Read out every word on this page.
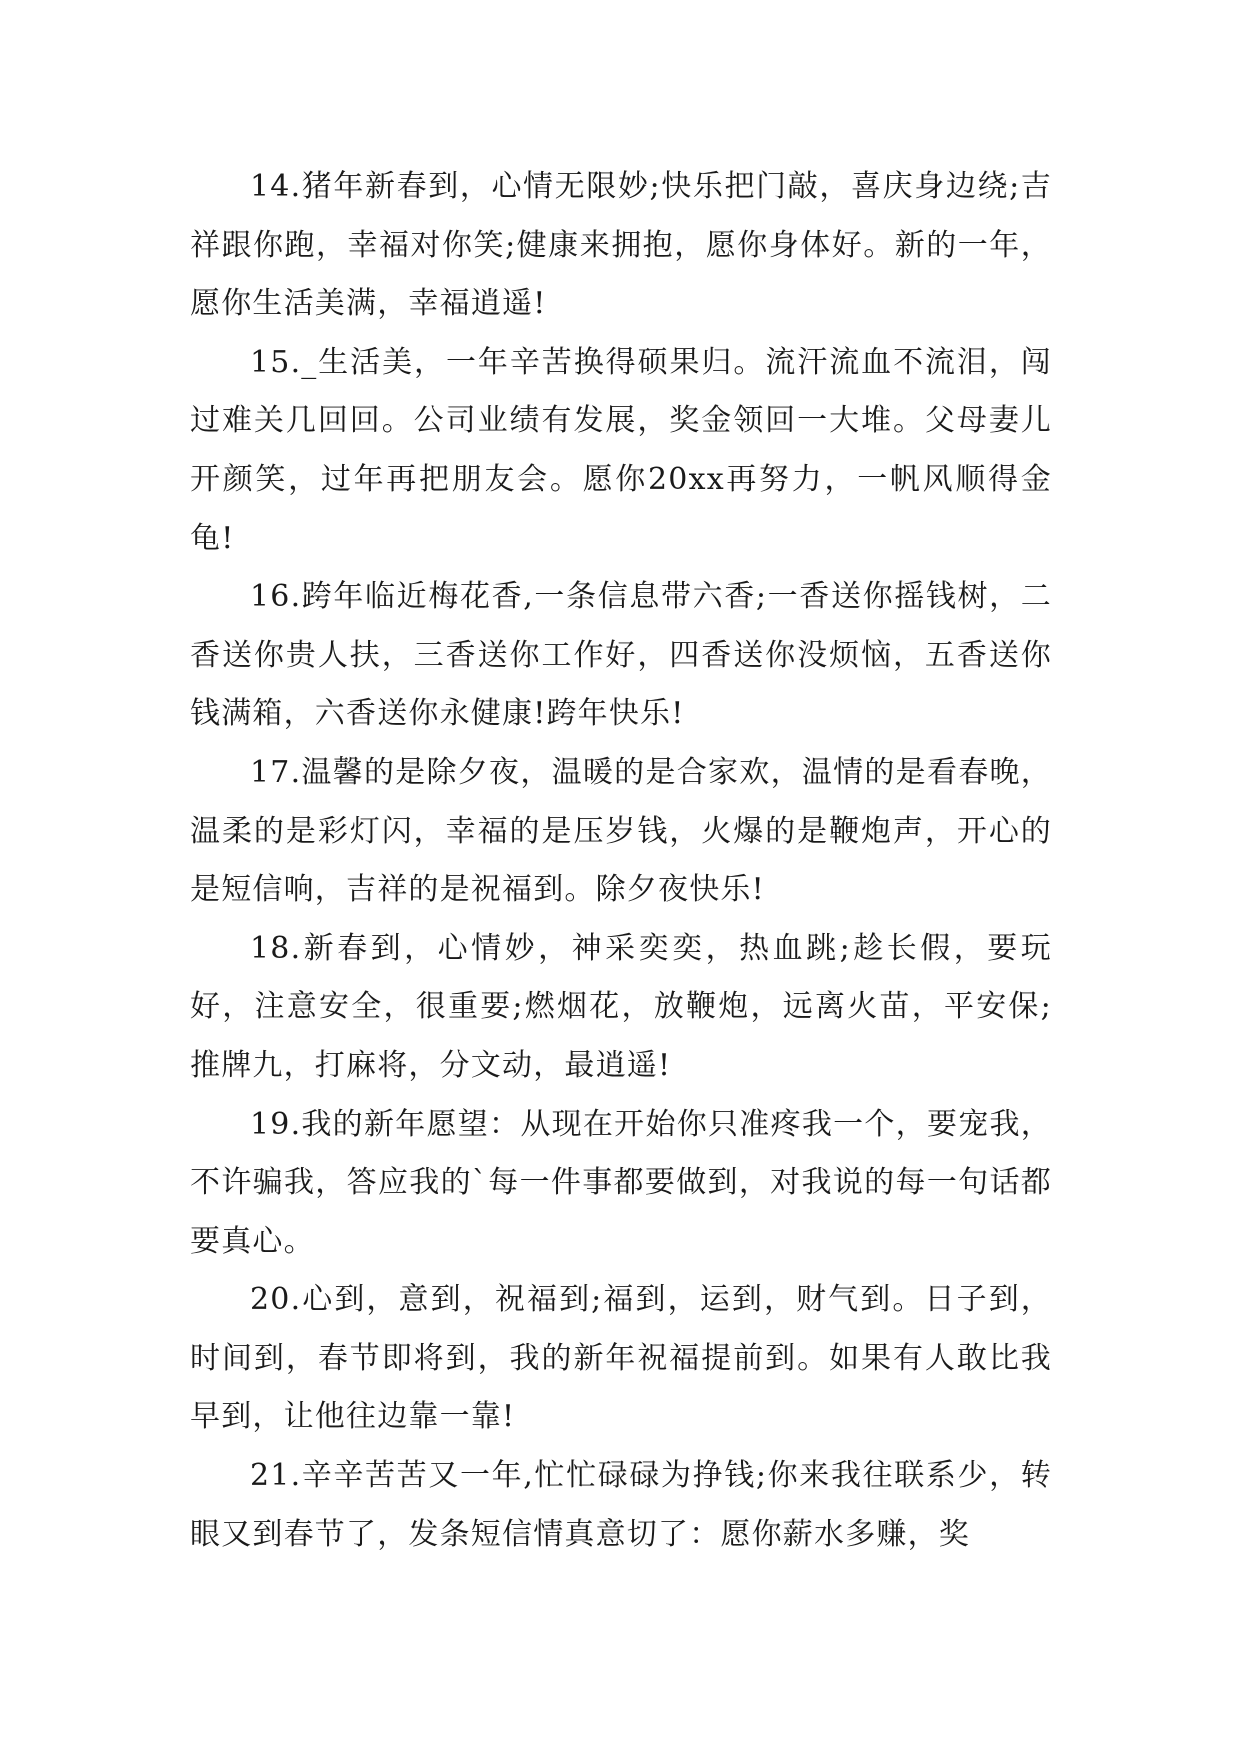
14.猪年新春到，心情无限妙;快乐把门敲，喜庆身边绕;吉祥跟你跑，幸福对你笑;健康来拥抱，愿你身体好。新的一年，愿你生活美满，幸福逍遥!

15._生活美，一年辛苦换得硕果归。流汗流血不流泪，闯过难关几回回。公司业绩有发展，奖金领回一大堆。父母妻儿开颜笑，过年再把朋友会。愿你20xx再努力，一帆风顺得金龟!

16.跨年临近梅花香,一条信息带六香;一香送你摇钱树，二香送你贵人扶，三香送你工作好，四香送你没烦恼，五香送你钱满箱，六香送你永健康!跨年快乐!

17.温馨的是除夕夜，温暖的是合家欢，温情的是看春晚，温柔的是彩灯闪，幸福的是压岁钱，火爆的是鞭炮声，开心的是短信响，吉祥的是祝福到。除夕夜快乐!

18.新春到，心情妙，神采奕奕，热血跳;趁长假，要玩好，注意安全，很重要;燃烟花，放鞭炮，远离火苗，平安保;推牌九，打麻将，分文动，最逍遥!

19.我的新年愿望：从现在开始你只准疼我一个，要宠我，不许骗我，答应我的`每一件事都要做到，对我说的每一句话都要真心。

20.心到，意到，祝福到;福到，运到，财气到。日子到，时间到，春节即将到，我的新年祝福提前到。如果有人敢比我早到，让他往边靠一靠!

21.辛辛苦苦又一年,忙忙碌碌为挣钱;你来我往联系少，转眼又到春节了，发条短信情真意切了：愿你薪水多赚，奖
